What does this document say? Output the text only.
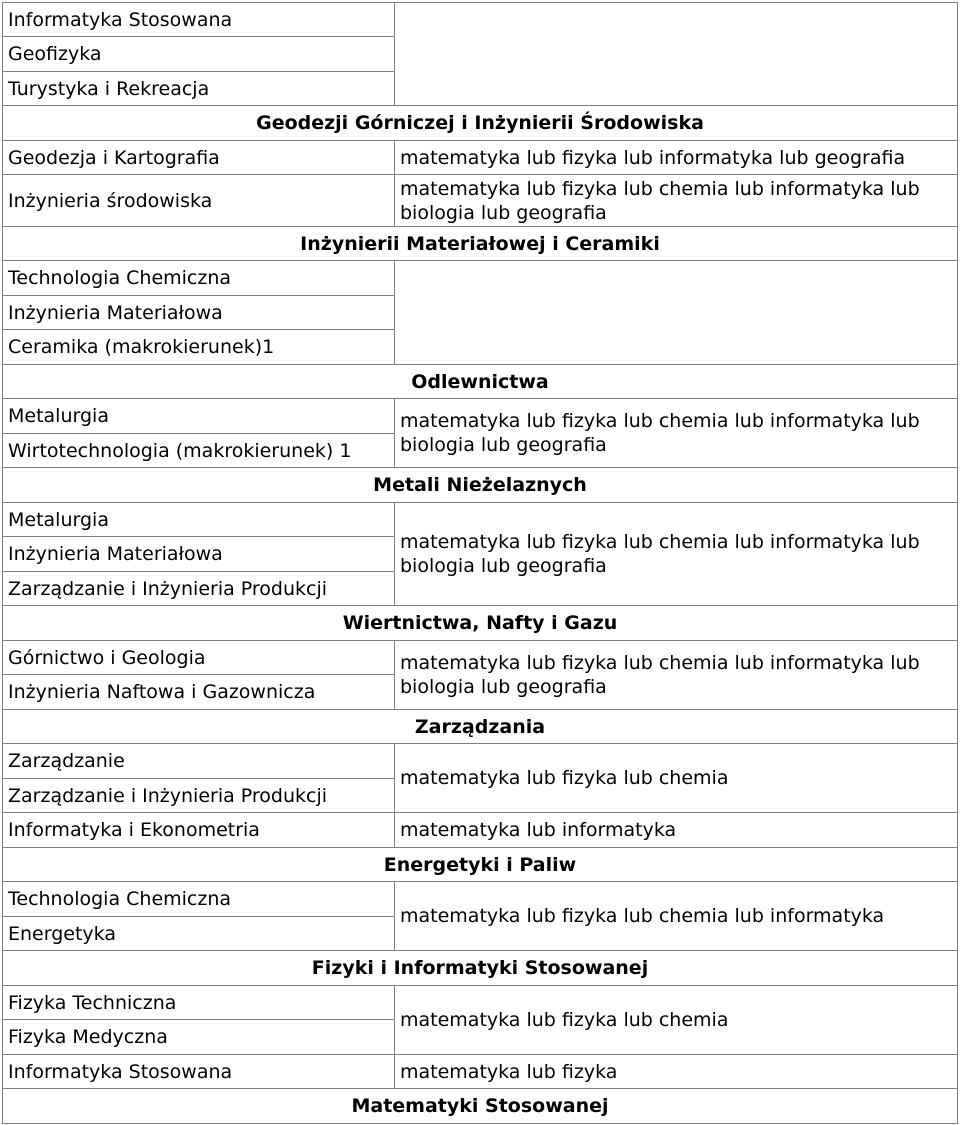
Informatyka Stosowana	
Geofizyka	
Turystyka i Rekreacja	
Geodezji Górniczej i Inżynierii Środowiska	
Geodezja i Kartografia	matematyka lub fizyka lub informatyka lub geografia
Inżynieria środowiska	matematyka lub fizyka lub chemia lub informatyka lub biologia lub geografia
Inżynierii Materiałowej i Ceramiki	
Technologia Chemiczna	
Inżynieria Materiałowa	
Ceramika (makrokierunek)1	
Odlewnictwa	
Metalurgia	matematyka lub fizyka lub chemia lub informatyka lub biologia lub geografia
Wirtotechnologia (makrokierunek) 1	
Metali Nieżelaznych	
Metalurgia	matematyka lub fizyka lub chemia lub informatyka lub biologia lub geografia
Inżynieria Materiałowa	
Zarządzanie i Inżynieria Produkcji	
Wiertnictwa, Nafty i Gazu	
Górnictwo i Geologia	matematyka lub fizyka lub chemia lub informatyka lub biologia lub geografia
Inżynieria Naftowa i Gazownicza	
Zarządzania	
Zarządzanie	matematyka lub fizyka lub chemia
Zarządzanie i Inżynieria Produkcji	
Informatyka i Ekonometria	matematyka lub informatyka
Energetyki i Paliw	
Technologia Chemiczna	matematyka lub fizyka lub chemia lub informatyka
Energetyka	
Fizyki i Informatyki Stosowanej	
Fizyka Techniczna	matematyka lub fizyka lub chemia
Fizyka Medyczna	
Informatyka Stosowana	matematyka lub fizyka
Matematyki Stosowanej	
